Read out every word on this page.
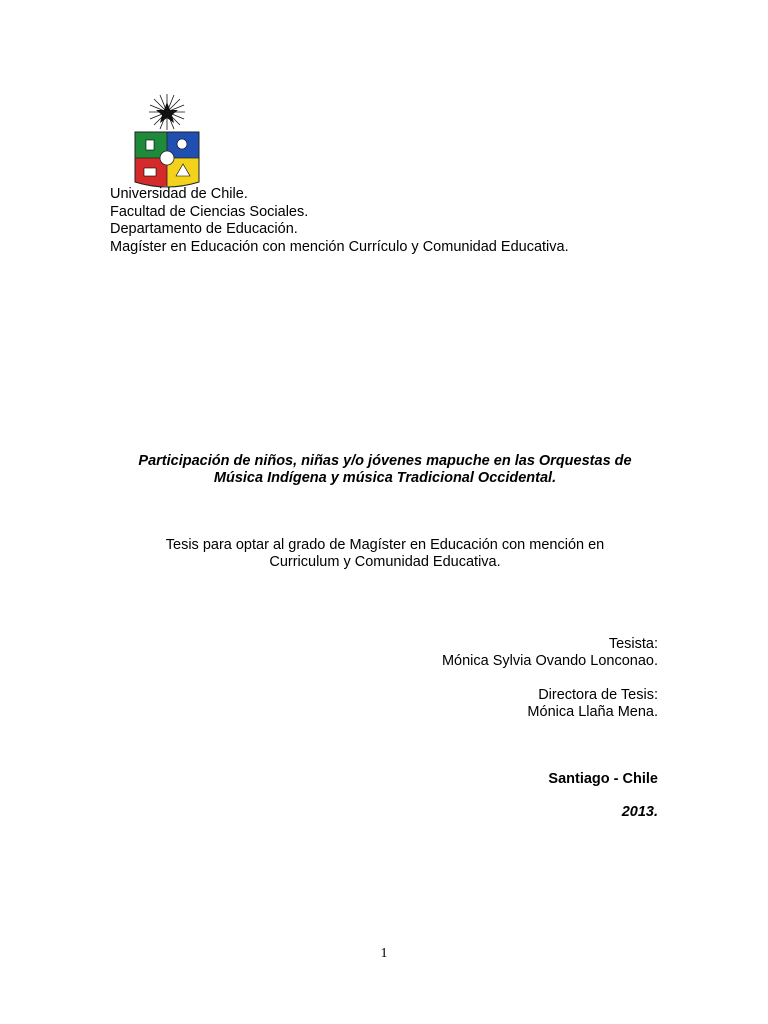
Universidad de Chile.
Facultad de Ciencias Sociales.
Departamento de Educación.
Magíster en Educación con mención Currículo y Comunidad Educativa.
Participación de niños, niñas y/o jóvenes mapuche en las Orquestas de
Música Indígena y música Tradicional Occidental.
Tesis para optar al grado de Magíster en Educación con mención en
Curriculum y Comunidad Educativa.
Tesista:
Mónica Sylvia Ovando Lonconao.
Directora de Tesis:
Mónica Llaña Mena.
Santiago - Chile
2013.
1
